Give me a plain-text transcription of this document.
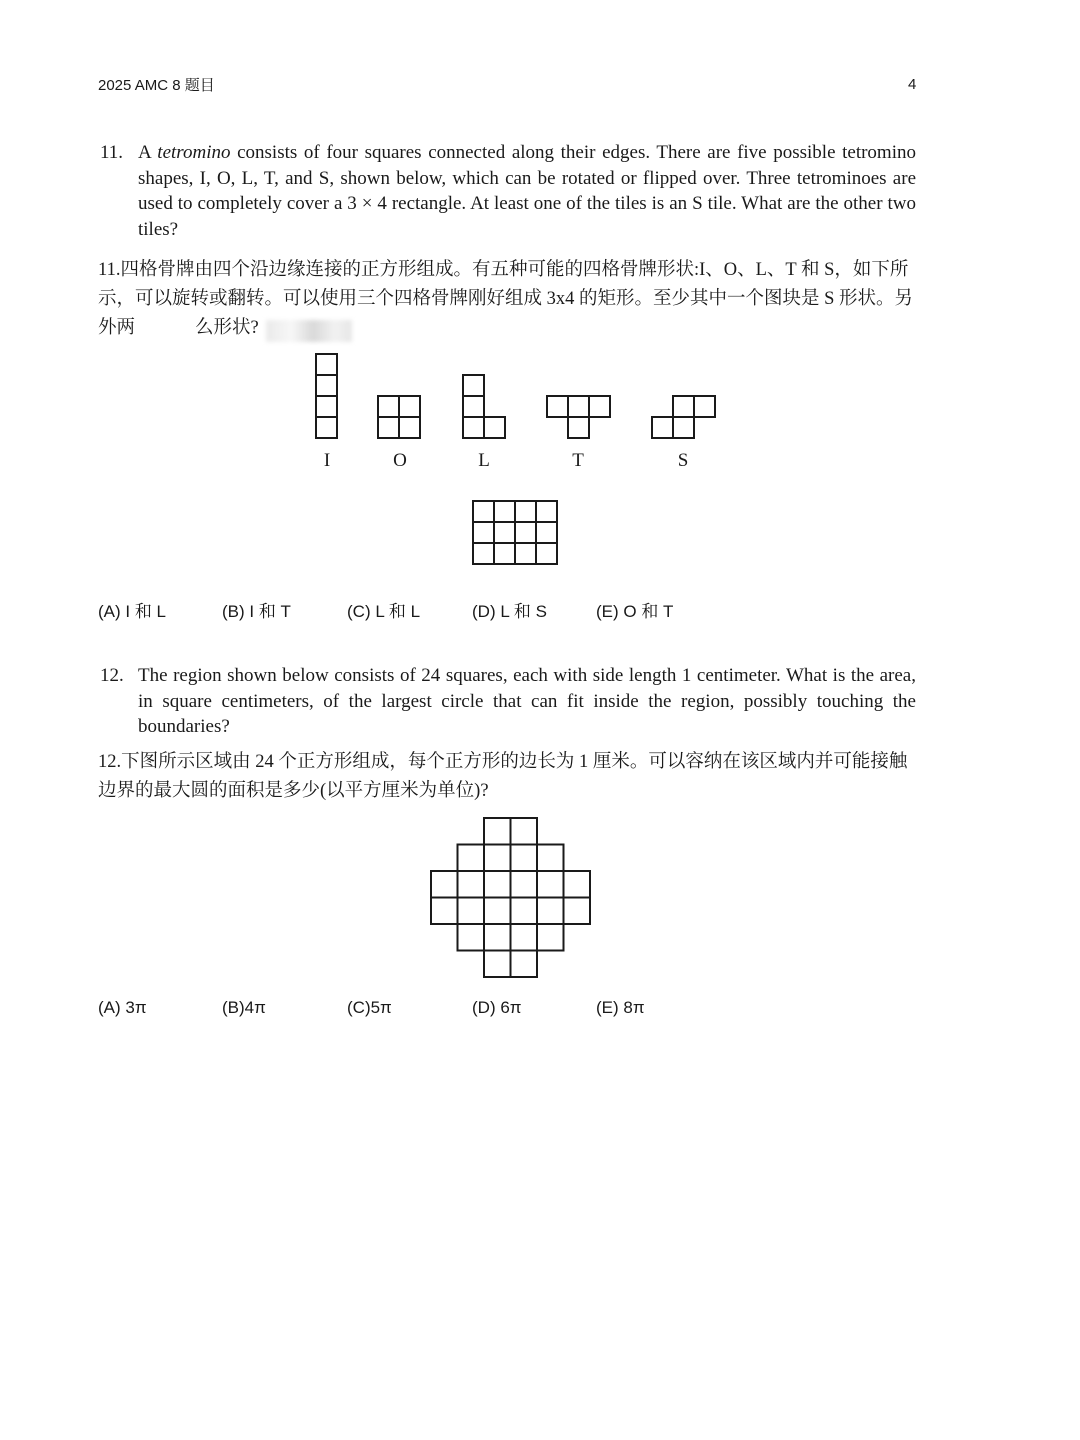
2025 AMC 8 题目	4
11. A tetromino consists of four squares connected along their edges. There are five possible tetromino shapes, I, O, L, T, and S, shown below, which can be rotated or flipped over. Three tetrominoes are used to completely cover a 3 × 4 rectangle. At least one of the tiles is an S tile. What are the other two tiles?
11.四格骨牌由四个沿边缘连接的正方形组成。有五种可能的四格骨牌形状:I、O、L、T 和 S，如下所示，可以旋转或翻转。可以使用三个四格骨牌刚好组成 3x4 的矩形。至少其中一个图块是 S 形状。另外两	么形状?
I	O	L	T	S
(A) I 和 L	(B) I 和 T	(C) L 和 L	(D) L 和 S	(E) O 和 T
12. The region shown below consists of 24 squares, each with side length 1 centimeter. What is the area, in square centimeters, of the largest circle that can fit inside the region, possibly touching the boundaries?
12.下图所示区域由 24 个正方形组成，每个正方形的边长为 1 厘米。可以容纳在该区域内并可能接触边界的最大圆的面积是多少(以平方厘米为单位)?
(A) 3π	(B)4π	(C)5π	(D) 6π	(E) 8π
